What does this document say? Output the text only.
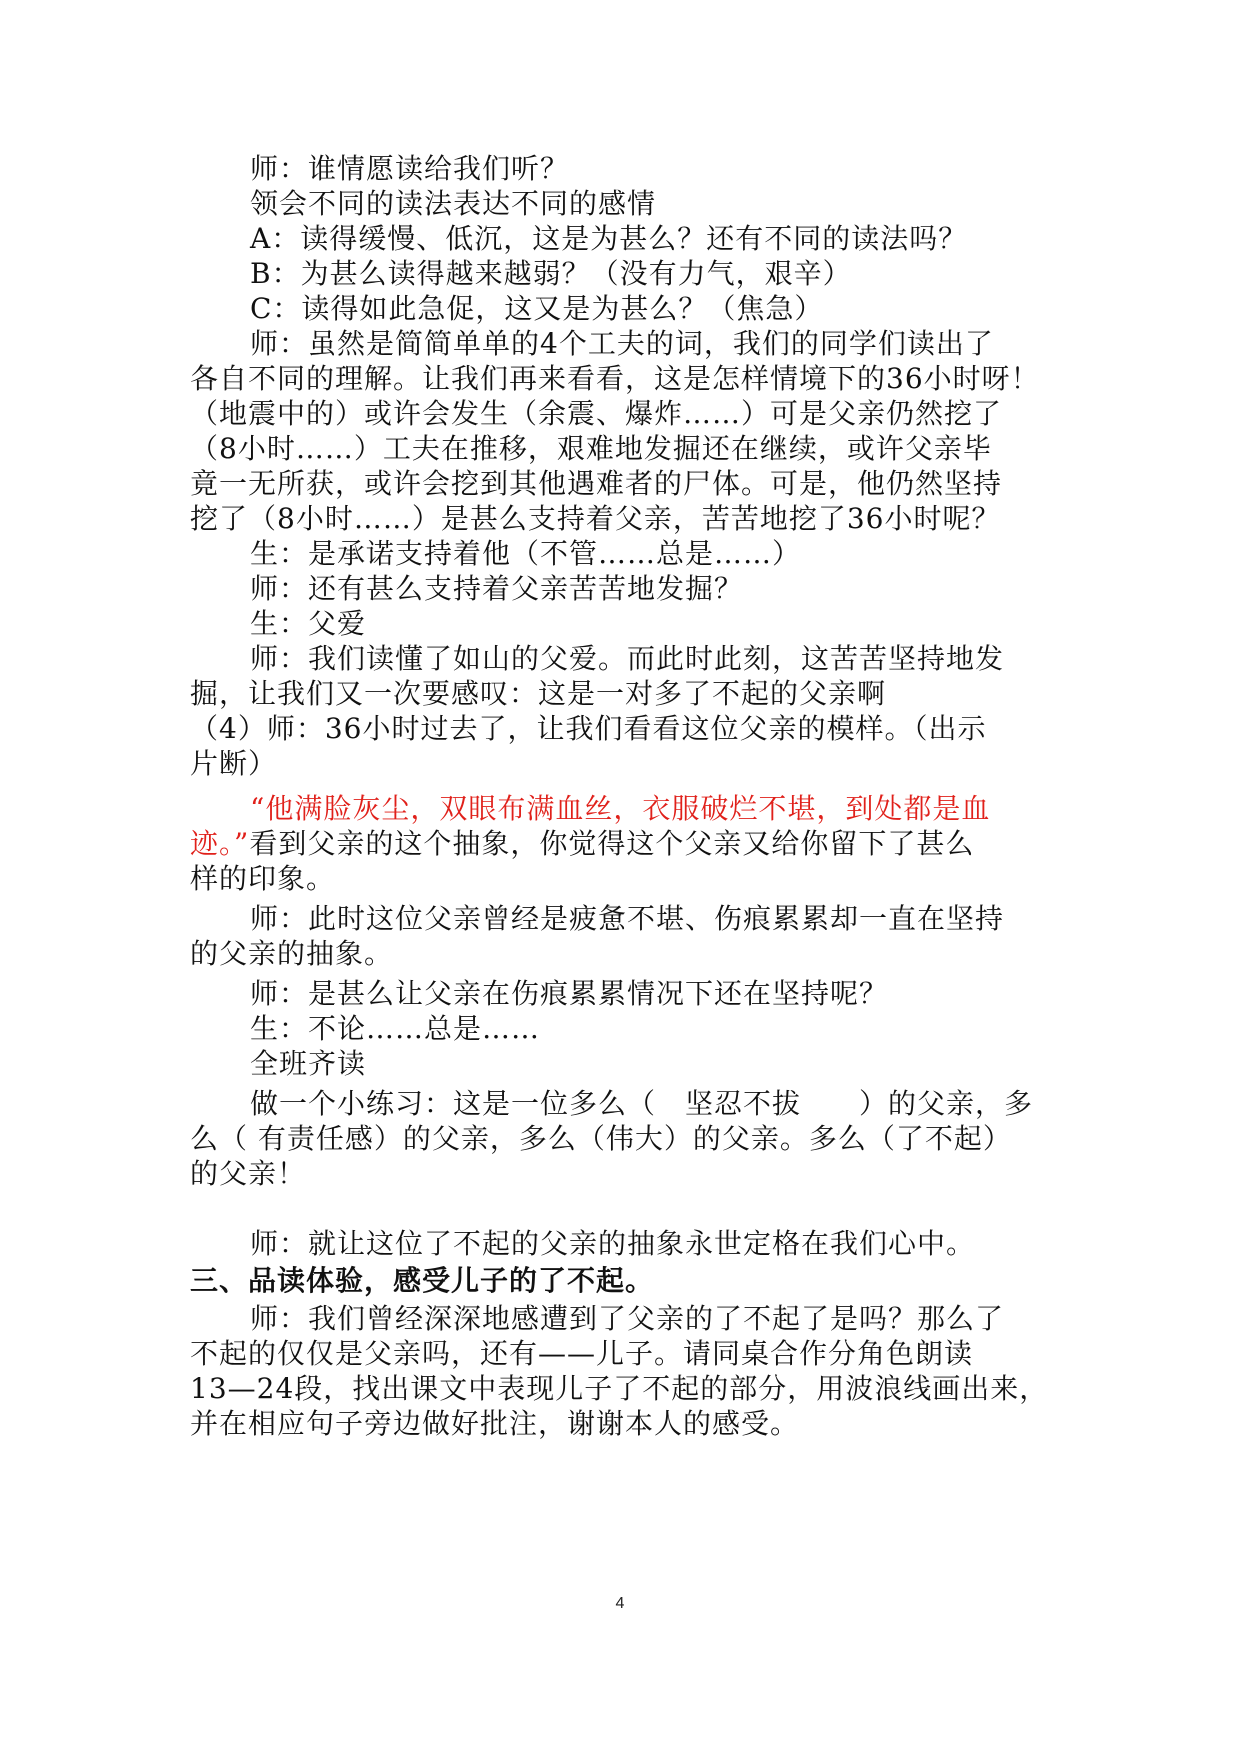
师：谁情愿读给我们听？
领会不同的读法表达不同的感情
A：读得缓慢、低沉，这是为甚么？还有不同的读法吗？
B：为甚么读得越来越弱？（没有力气，艰辛）
C：读得如此急促，这又是为甚么？（焦急）
师：虽然是简简单单的4个工夫的词，我们的同学们读出了
各自不同的理解。让我们再来看看，这是怎样情境下的36小时呀！
（地震中的）或许会发生（余震、爆炸……）可是父亲仍然挖了
（8小时……）工夫在推移，艰难地发掘还在继续，或许父亲毕
竟一无所获，或许会挖到其他遇难者的尸体。可是，他仍然坚持
挖了（8小时……）是甚么支持着父亲，苦苦地挖了36小时呢？
生：是承诺支持着他（不管……总是……）
师：还有甚么支持着父亲苦苦地发掘？
生：父爱
师：我们读懂了如山的父爱。而此时此刻，这苦苦坚持地发
掘，让我们又一次要感叹：这是一对多了不起的父亲啊
（4）师：36小时过去了，让我们看看这位父亲的模样。（出示
片断）
“他满脸灰尘，双眼布满血丝，衣服破烂不堪，到处都是血
迹。”看到父亲的这个抽象，你觉得这个父亲又给你留下了甚么
样的印象。
师：此时这位父亲曾经是疲惫不堪、伤痕累累却一直在坚持
的父亲的抽象。
师：是甚么让父亲在伤痕累累情况下还在坚持呢？
生：不论……总是……
全班齐读
做一个小练习：这是一位多么（　坚忍不拔　　）的父亲，多
么（ 有责任感）的父亲，多么（伟大）的父亲。多么（了不起）
的父亲！
师：就让这位了不起的父亲的抽象永世定格在我们心中。
三、品读体验，感受儿子的了不起。
师：我们曾经深深地感遭到了父亲的了不起了是吗？那么了
不起的仅仅是父亲吗，还有——儿子。请同桌合作分角色朗读
13—24段，找出课文中表现儿子了不起的部分，用波浪线画出来，
并在相应句子旁边做好批注，谢谢本人的感受。
4
